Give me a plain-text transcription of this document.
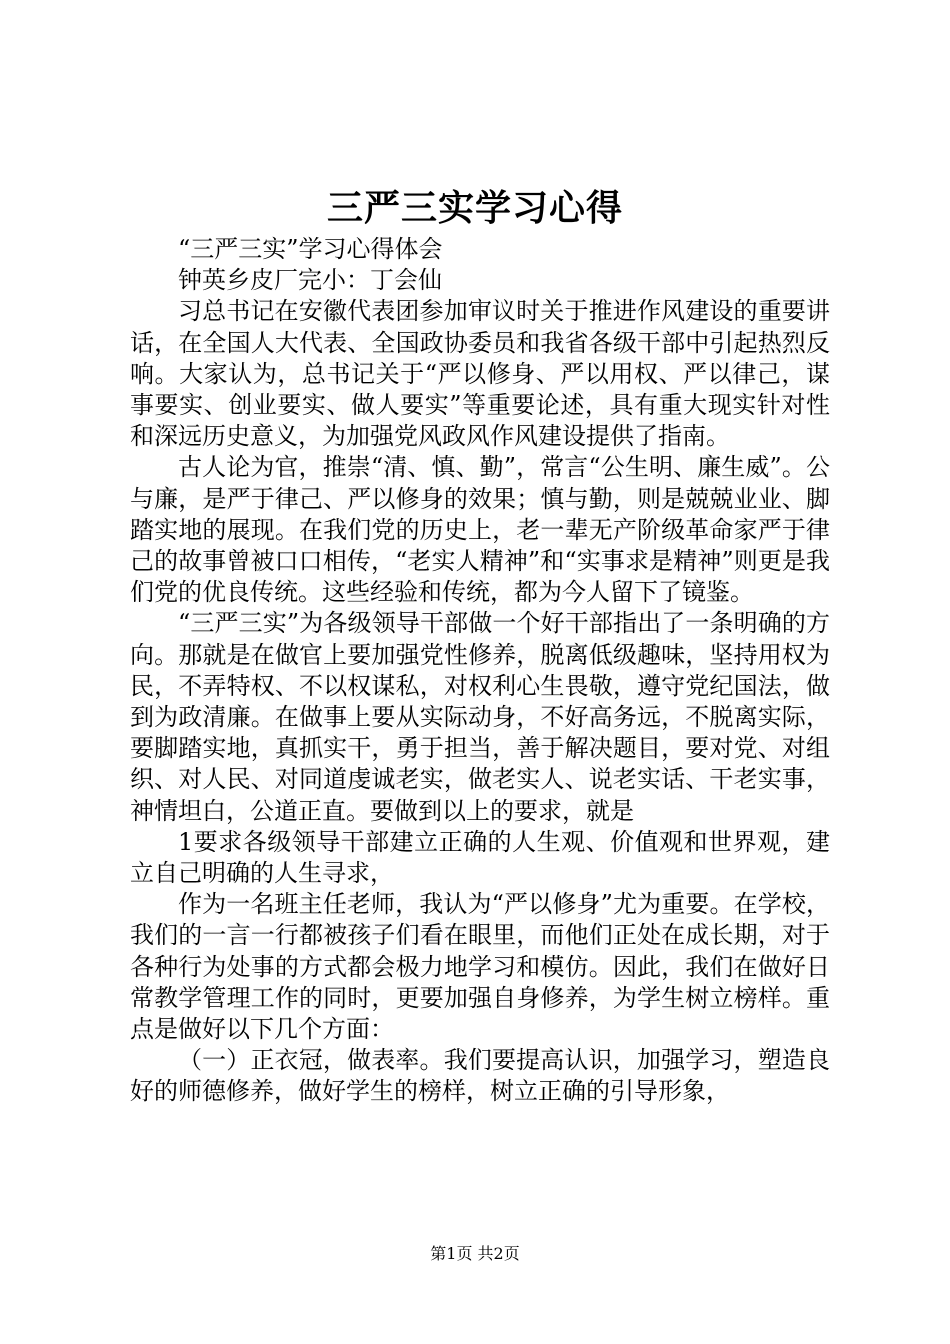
三严三实学习心得

“三严三实”学习心得体会

钟英乡皮厂完小：丁会仙

习总书记在安徽代表团参加审议时关于推进作风建设的重要讲话，在全国人大代表、全国政协委员和我省各级干部中引起热烈反响。大家认为，总书记关于“严以修身、严以用权、严以律己，谋事要实、创业要实、做人要实”等重要论述，具有重大现实针对性和深远历史意义，为加强党风政风作风建设提供了指南。

古人论为官，推崇“清、慎、勤”，常言“公生明、廉生威”。公与廉，是严于律己、严以修身的效果；慎与勤，则是兢兢业业、脚踏实地的展现。在我们党的历史上，老一辈无产阶级革命家严于律己的故事曾被口口相传，“老实人精神”和“实事求是精神”则更是我们党的优良传统。这些经验和传统，都为今人留下了镜鉴。

“三严三实”为各级领导干部做一个好干部指出了一条明确的方向。那就是在做官上要加强党性修养，脱离低级趣味，坚持用权为民，不弄特权、不以权谋私，对权利心生畏敬，遵守党纪国法，做到为政清廉。在做事上要从实际动身，不好高务远，不脱离实际，要脚踏实地，真抓实干，勇于担当，善于解决题目，要对党、对组织、对人民、对同道虔诚老实，做老实人、说老实话、干老实事，神情坦白，公道正直。要做到以上的要求，就是

1要求各级领导干部建立正确的人生观、价值观和世界观，建立自己明确的人生寻求，

作为一名班主任老师，我认为“严以修身”尤为重要。在学校，我们的一言一行都被孩子们看在眼里，而他们正处在成长期，对于各种行为处事的方式都会极力地学习和模仿。因此，我们在做好日常教学管理工作的同时，更要加强自身修养，为学生树立榜样。重点是做好以下几个方面：

（一）正衣冠，做表率。我们要提高认识，加强学习，塑造良好的师德修养，做好学生的榜样，树立正确的引导形象，

第1页 共2页
